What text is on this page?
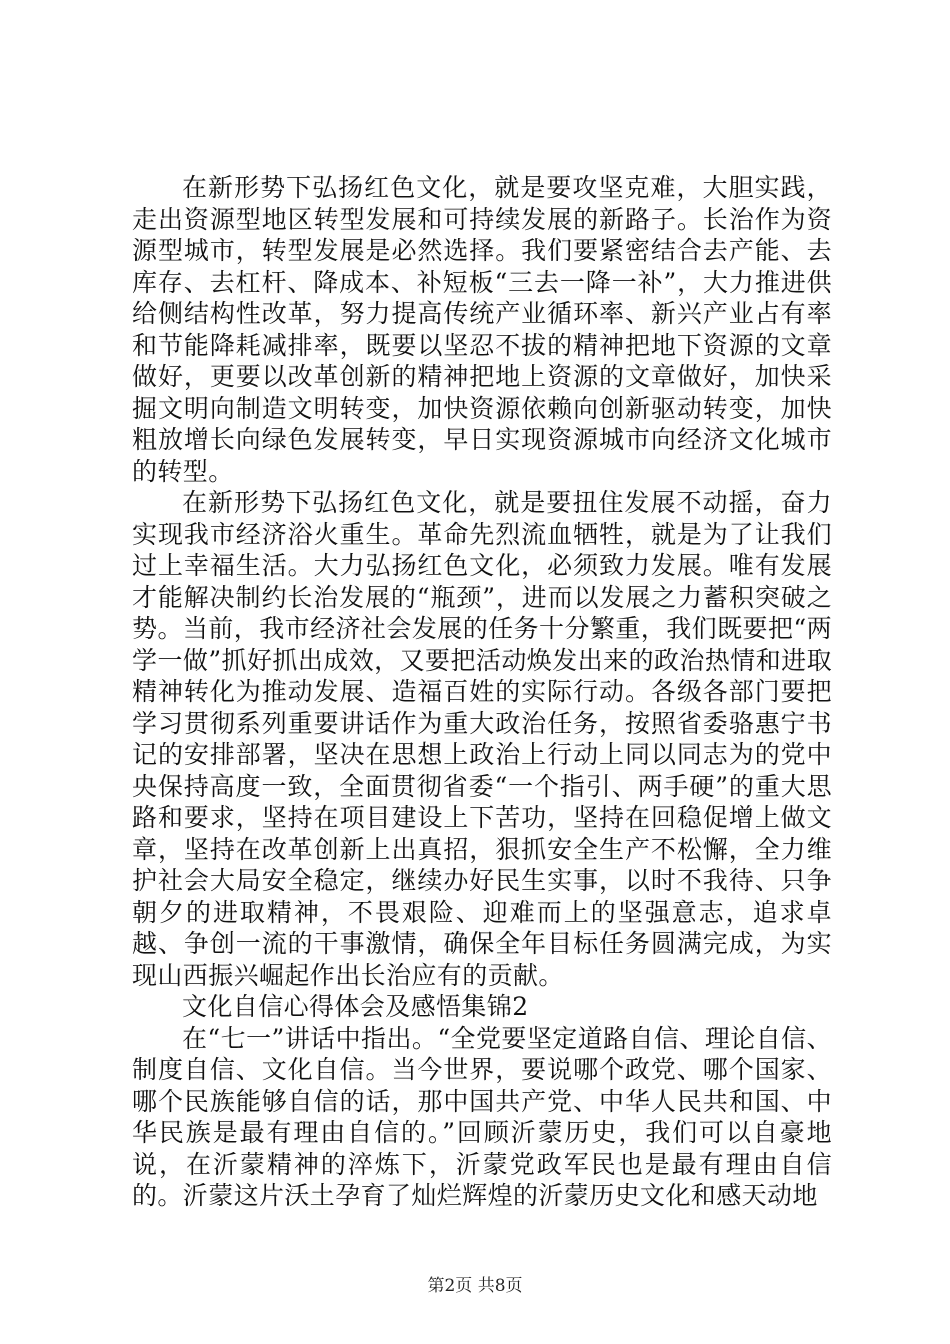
在新形势下弘扬红色文化，就是要攻坚克难，大胆实践，走出资源型地区转型发展和可持续发展的新路子。长治作为资源型城市，转型发展是必然选择。我们要紧密结合去产能、去库存、去杠杆、降成本、补短板“三去一降一补”，大力推进供给侧结构性改革，努力提高传统产业循环率、新兴产业占有率和节能降耗减排率，既要以坚忍不拔的精神把地下资源的文章做好，更要以改革创新的精神把地上资源的文章做好，加快采掘文明向制造文明转变，加快资源依赖向创新驱动转变，加快粗放增长向绿色发展转变，早日实现资源城市向经济文化城市的转型。

在新形势下弘扬红色文化，就是要扭住发展不动摇，奋力实现我市经济浴火重生。革命先烈流血牺牲，就是为了让我们过上幸福生活。大力弘扬红色文化，必须致力发展。唯有发展才能解决制约长治发展的“瓶颈”，进而以发展之力蓄积突破之势。当前，我市经济社会发展的任务十分繁重，我们既要把“两学一做”抓好抓出成效，又要把活动焕发出来的政治热情和进取精神转化为推动发展、造福百姓的实际行动。各级各部门要把学习贯彻系列重要讲话作为重大政治任务，按照省委骆惠宁书记的安排部署，坚决在思想上政治上行动上同以同志为的党中央保持高度一致，全面贯彻省委“一个指引、两手硬”的重大思路和要求，坚持在项目建设上下苦功，坚持在回稳促增上做文章，坚持在改革创新上出真招，狠抓安全生产不松懈，全力维护社会大局安全稳定，继续办好民生实事，以时不我待、只争朝夕的进取精神，不畏艰险、迎难而上的坚强意志，追求卓越、争创一流的干事激情，确保全年目标任务圆满完成，为实现山西振兴崛起作出长治应有的贡献。

文化自信心得体会及感悟集锦2

在“七一”讲话中指出。“全党要坚定道路自信、理论自信、制度自信、文化自信。当今世界，要说哪个政党、哪个国家、哪个民族能够自信的话，那中国共产党、中华人民共和国、中华民族是最有理由自信的。”回顾沂蒙历史，我们可以自豪地说，在沂蒙精神的淬炼下，沂蒙党政军民也是最有理由自信的。沂蒙这片沃土孕育了灿烂辉煌的沂蒙历史文化和感天动地

第2页 共8页
